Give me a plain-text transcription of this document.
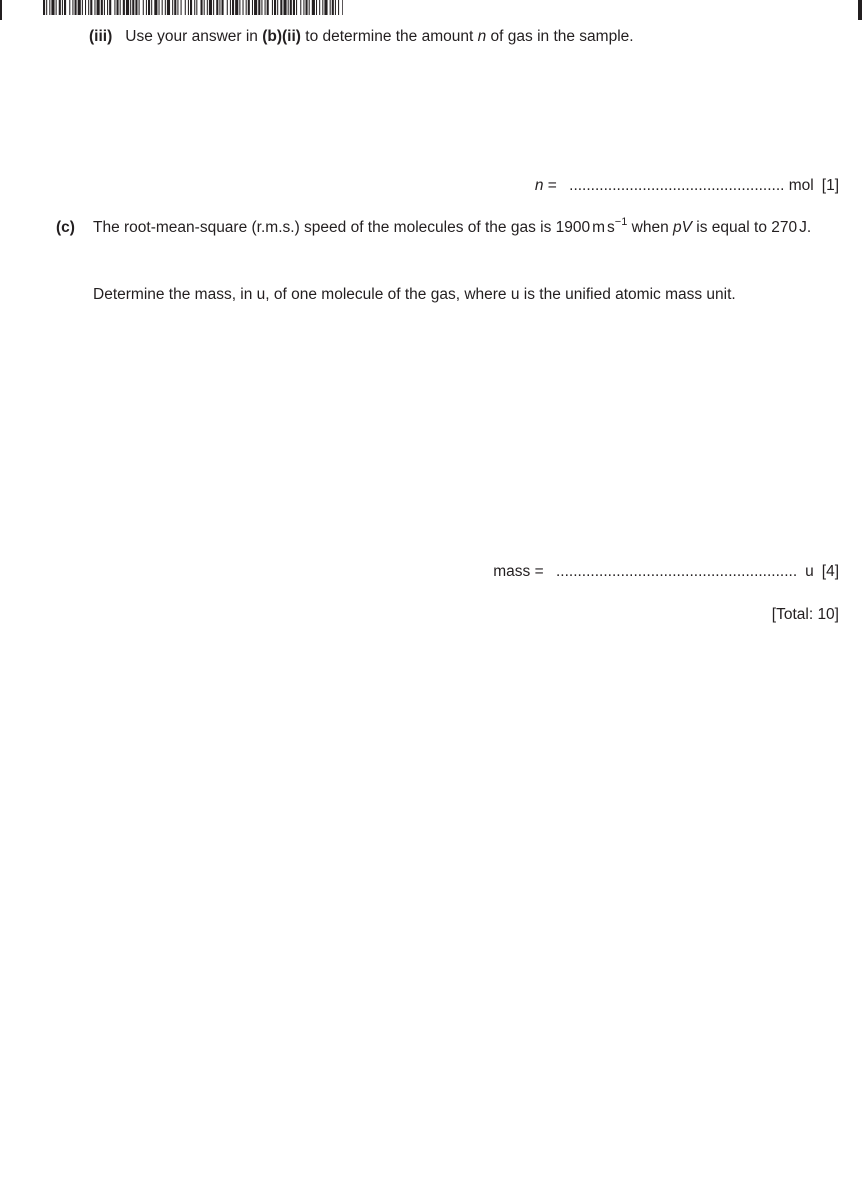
(iii) Use your answer in (b)(ii) to determine the amount n of gas in the sample.
n = .................................................. mol [1]
(c) The root-mean-square (r.m.s.) speed of the molecules of the gas is 1900 m $s^{-1}$ when pV is equal to 270 J.
Determine the mass, in u, of one molecule of the gas, where u is the unified atomic mass unit.
mass = ........................................................ u [4]
[Total: 10]
